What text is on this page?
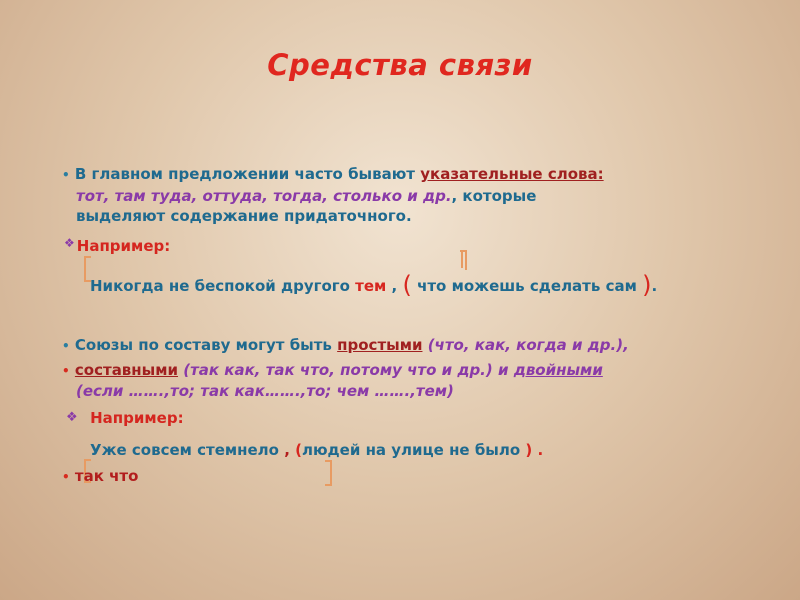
Средства связи
• В главном предложении часто бывают указательные слова:
тот, там туда, оттуда, тогда, столько и др., которые
выделяют содержание придаточного.
❖ Например:
Никогда не беспокой другого тем , ( что можешь сделать сам ).
• Союзы по составу могут быть простыми (что, как, когда и др.),
• составными (так как, так что, потому что и др.) и двойными
(если …….,то; так как…….,то; чем …….,тем)
❖ Например:
Уже совсем стемнело , (людей на улице не было ) .
• так что
